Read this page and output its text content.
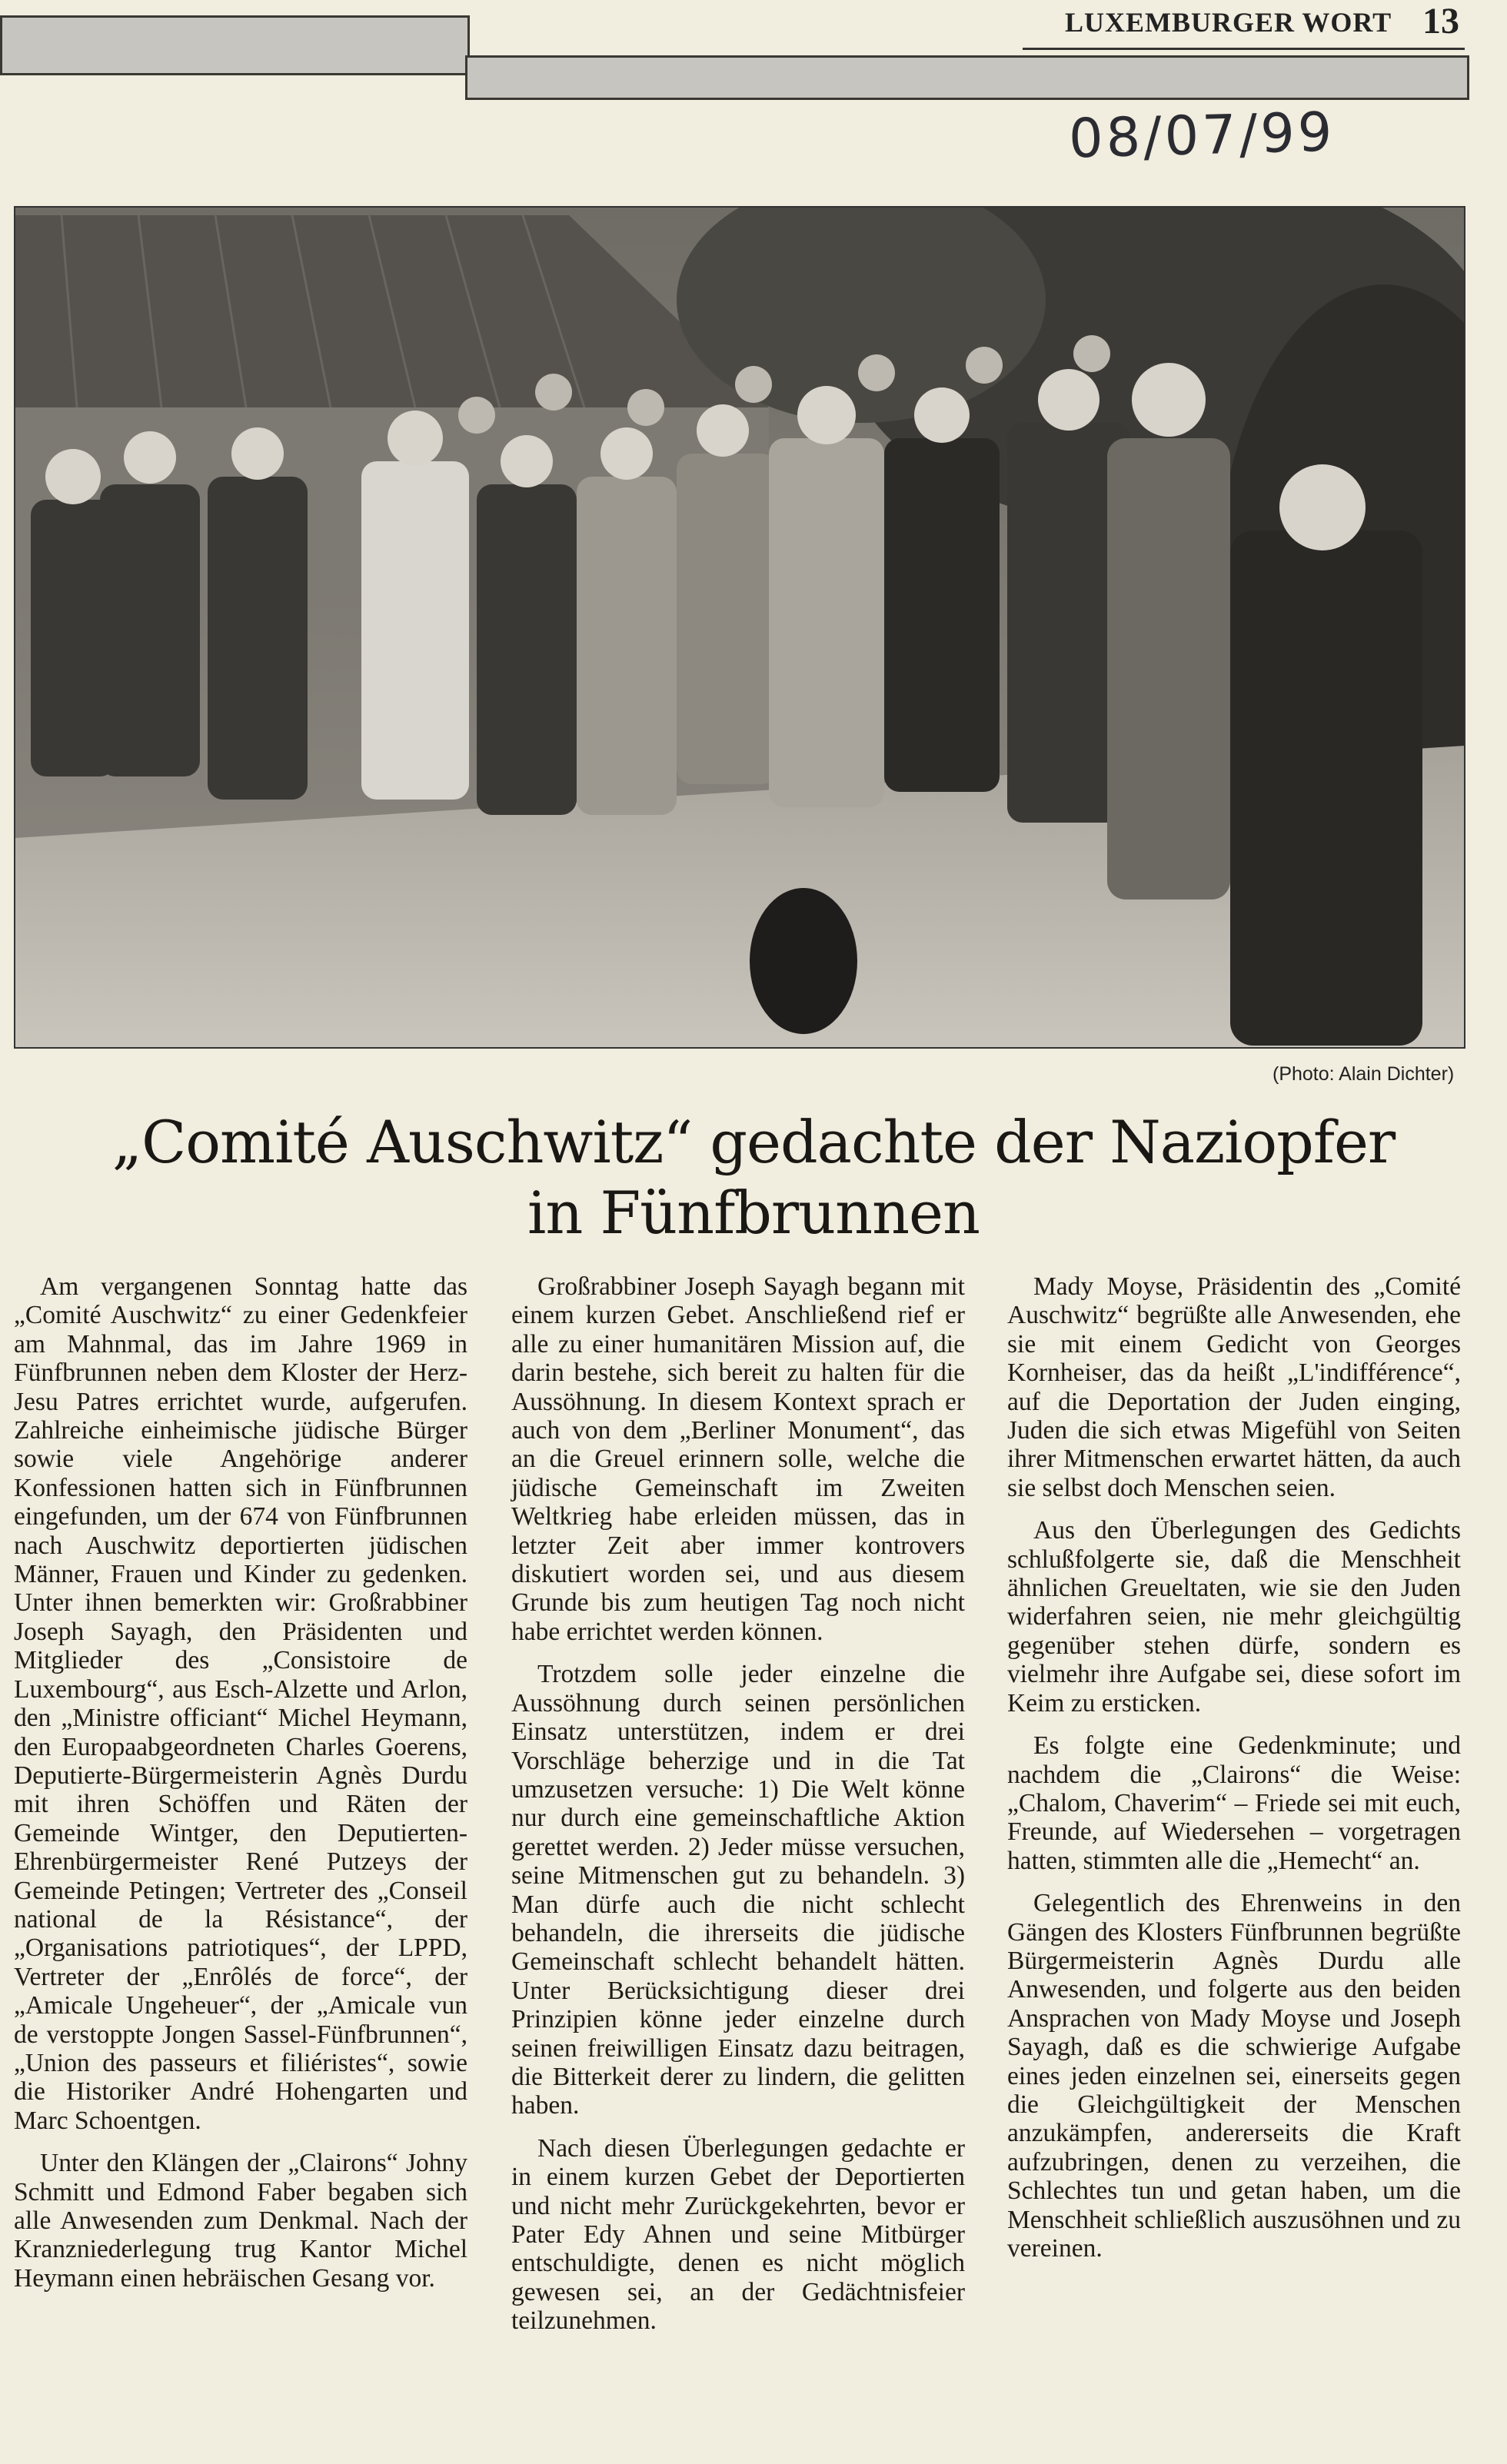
LUXEMBURGER WORT 13
08/07/99
(Photo: Alain Dichter)
„Comité Auschwitz“ gedachte der Naziopfer
in Fünfbrunnen

Am vergangenen Sonntag hatte das „Comité Auschwitz“ zu einer Gedenkfeier am Mahnmal, das im Jahre 1969 in Fünfbrunnen neben dem Kloster der Herz-Jesu Patres errichtet wurde, aufgerufen. Zahlreiche einheimische jüdische Bürger sowie viele Angehörige anderer Konfessionen hatten sich in Fünfbrunnen eingefunden, um der 674 von Fünfbrunnen nach Auschwitz deportierten jüdischen Männer, Frauen und Kinder zu gedenken. Unter ihnen bemerkten wir: Großrabbiner Joseph Sayagh, den Präsidenten und Mitglieder des „Consistoire de Luxembourg“, aus Esch-Alzette und Arlon, den „Ministre officiant“ Michel Heymann, den Europaabgeordneten Charles Goerens, Deputierte-Bürgermeisterin Agnès Durdu mit ihren Schöffen und Räten der Gemeinde Wintger, den Deputierten-Ehrenbürgermeister René Putzeys der Gemeinde Petingen; Vertreter des „Conseil national de la Résistance“, der „Organisations patriotiques“, der LPPD, Vertreter der „Enrôlés de force“, der „Amicale Ungeheuer“, der „Amicale vun de verstoppte Jongen Sassel-Fünfbrunnen“, „Union des passeurs et filiéristes“, sowie die Historiker André Hohengarten und Marc Schoentgen.

Unter den Klängen der „Clairons“ Johny Schmitt und Edmond Faber begaben sich alle Anwesenden zum Denkmal. Nach der Kranzniederlegung trug Kantor Michel Heymann einen hebräischen Gesang vor.

Großrabbiner Joseph Sayagh begann mit einem kurzen Gebet. Anschließend rief er alle zu einer humanitären Mission auf, die darin bestehe, sich bereit zu halten für die Aussöhnung. In diesem Kontext sprach er auch von dem „Berliner Monument“, das an die Greuel erinnern solle, welche die jüdische Gemeinschaft im Zweiten Weltkrieg habe erleiden müssen, das in letzter Zeit aber immer kontrovers diskutiert worden sei, und aus diesem Grunde bis zum heutigen Tag noch nicht habe errichtet werden können.

Trotzdem solle jeder einzelne die Aussöhnung durch seinen persönlichen Einsatz unterstützen, indem er drei Vorschläge beherzige und in die Tat umzusetzen versuche: 1) Die Welt könne nur durch eine gemeinschaftliche Aktion gerettet werden. 2) Jeder müsse versuchen, seine Mitmenschen gut zu behandeln. 3) Man dürfe auch die nicht schlecht behandeln, die ihrerseits die jüdische Gemeinschaft schlecht behandelt hätten. Unter Berücksichtigung dieser drei Prinzipien könne jeder einzelne durch seinen freiwilligen Einsatz dazu beitragen, die Bitterkeit derer zu lindern, die gelitten haben.

Nach diesen Überlegungen gedachte er in einem kurzen Gebet der Deportierten und nicht mehr Zurückgekehrten, bevor er Pater Edy Ahnen und seine Mitbürger entschuldigte, denen es nicht möglich gewesen sei, an der Gedächtnisfeier teilzunehmen.

Mady Moyse, Präsidentin des „Comité Auschwitz“ begrüßte alle Anwesenden, ehe sie mit einem Gedicht von Georges Kornheiser, das da heißt „L'indifférence“, auf die Deportation der Juden einging, Juden die sich etwas Migefühl von Seiten ihrer Mitmenschen erwartet hätten, da auch sie selbst doch Menschen seien.

Aus den Überlegungen des Gedichts schlußfolgerte sie, daß die Menschheit ähnlichen Greueltaten, wie sie den Juden widerfahren seien, nie mehr gleichgültig gegenüber stehen dürfe, sondern es vielmehr ihre Aufgabe sei, diese sofort im Keim zu ersticken.

Es folgte eine Gedenkminute; und nachdem die „Clairons“ die Weise: „Chalom, Chaverim“ – Friede sei mit euch, Freunde, auf Wiedersehen – vorgetragen hatten, stimmten alle die „Hemecht“ an.

Gelegentlich des Ehrenweins in den Gängen des Klosters Fünfbrunnen begrüßte Bürgermeisterin Agnès Durdu alle Anwesenden, und folgerte aus den beiden Ansprachen von Mady Moyse und Joseph Sayagh, daß es die schwierige Aufgabe eines jeden einzelnen sei, einerseits gegen die Gleichgültigkeit der Menschen anzukämpfen, andererseits die Kraft aufzubringen, denen zu verzeihen, die Schlechtes tun und getan haben, um die Menschheit schließlich auszusöhnen und zu vereinen.
